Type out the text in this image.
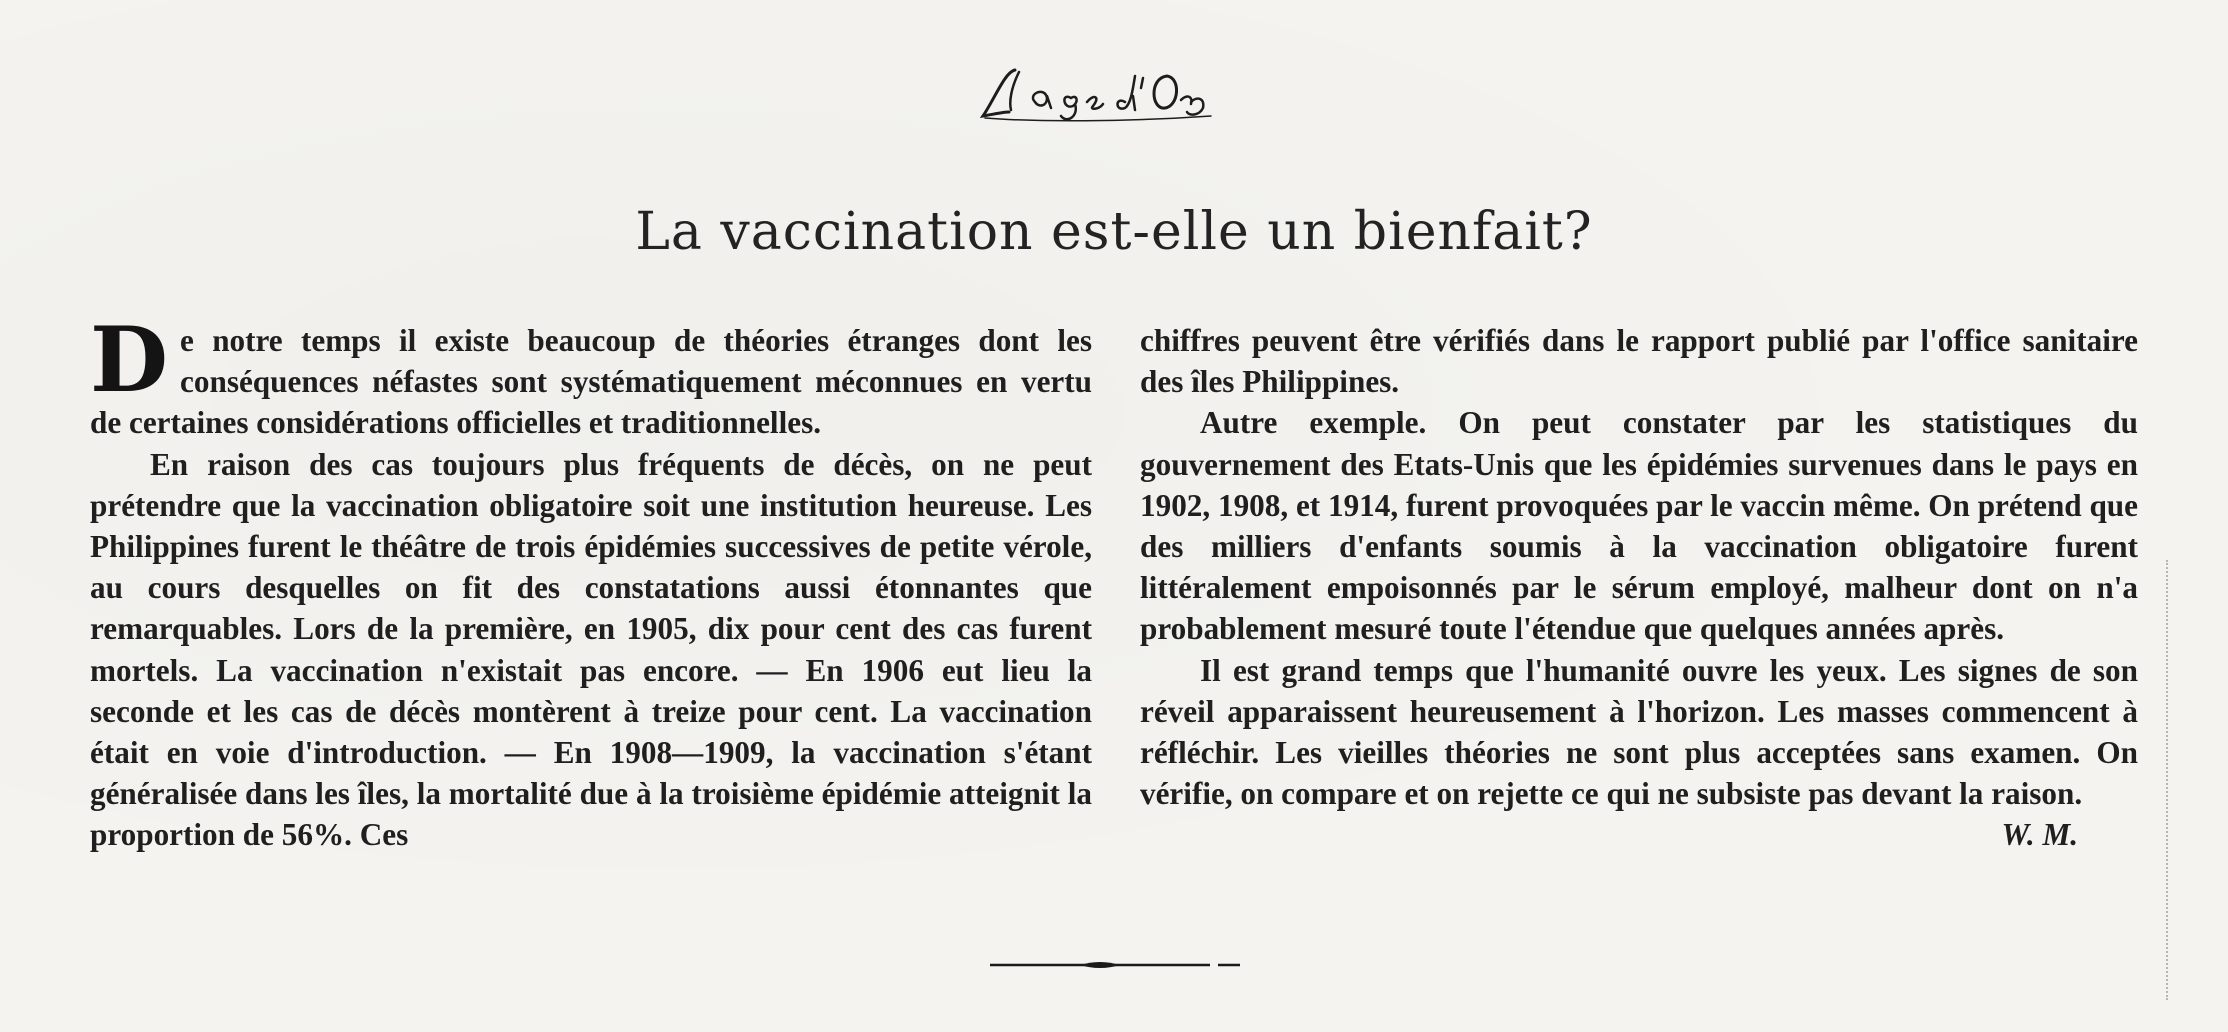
La vaccination est-elle un bienfait?

De notre temps il existe beaucoup de théories étranges dont les conséquences néfastes sont systématiquement méconnues en vertu de certaines considérations officielles et traditionnelles.

En raison des cas toujours plus fréquents de décès, on ne peut prétendre que la vaccination obligatoire soit une institution heureuse. Les Philippines furent le théâtre de trois épidémies successives de petite vérole, au cours desquelles on fit des constatations aussi étonnantes que remarquables. Lors de la première, en 1905, dix pour cent des cas furent mortels. La vaccination n'existait pas encore. — En 1906 eut lieu la seconde et les cas de décès montèrent à treize pour cent. La vaccination était en voie d'introduction. — En 1908—1909, la vaccination s'étant généralisée dans les îles, la mortalité due à la troisième épidémie atteignit la proportion de 56%. Ces

chiffres peuvent être vérifiés dans le rapport publié par l'office sanitaire des îles Philippines.

Autre exemple. On peut constater par les statistiques du gouvernement des Etats-Unis que les épidémies survenues dans le pays en 1902, 1908, et 1914, furent provoquées par le vaccin même. On prétend que des milliers d'enfants soumis à la vaccination obligatoire furent littéralement empoisonnés par le sérum employé, malheur dont on n'a probablement mesuré toute l'étendue que quelques années après.

Il est grand temps que l'humanité ouvre les yeux. Les signes de son réveil apparaissent heureusement à l'horizon. Les masses commencent à réfléchir. Les vieilles théories ne sont plus acceptées sans examen. On vérifie, on compare et on rejette ce qui ne subsiste pas devant la raison.

W. M.
